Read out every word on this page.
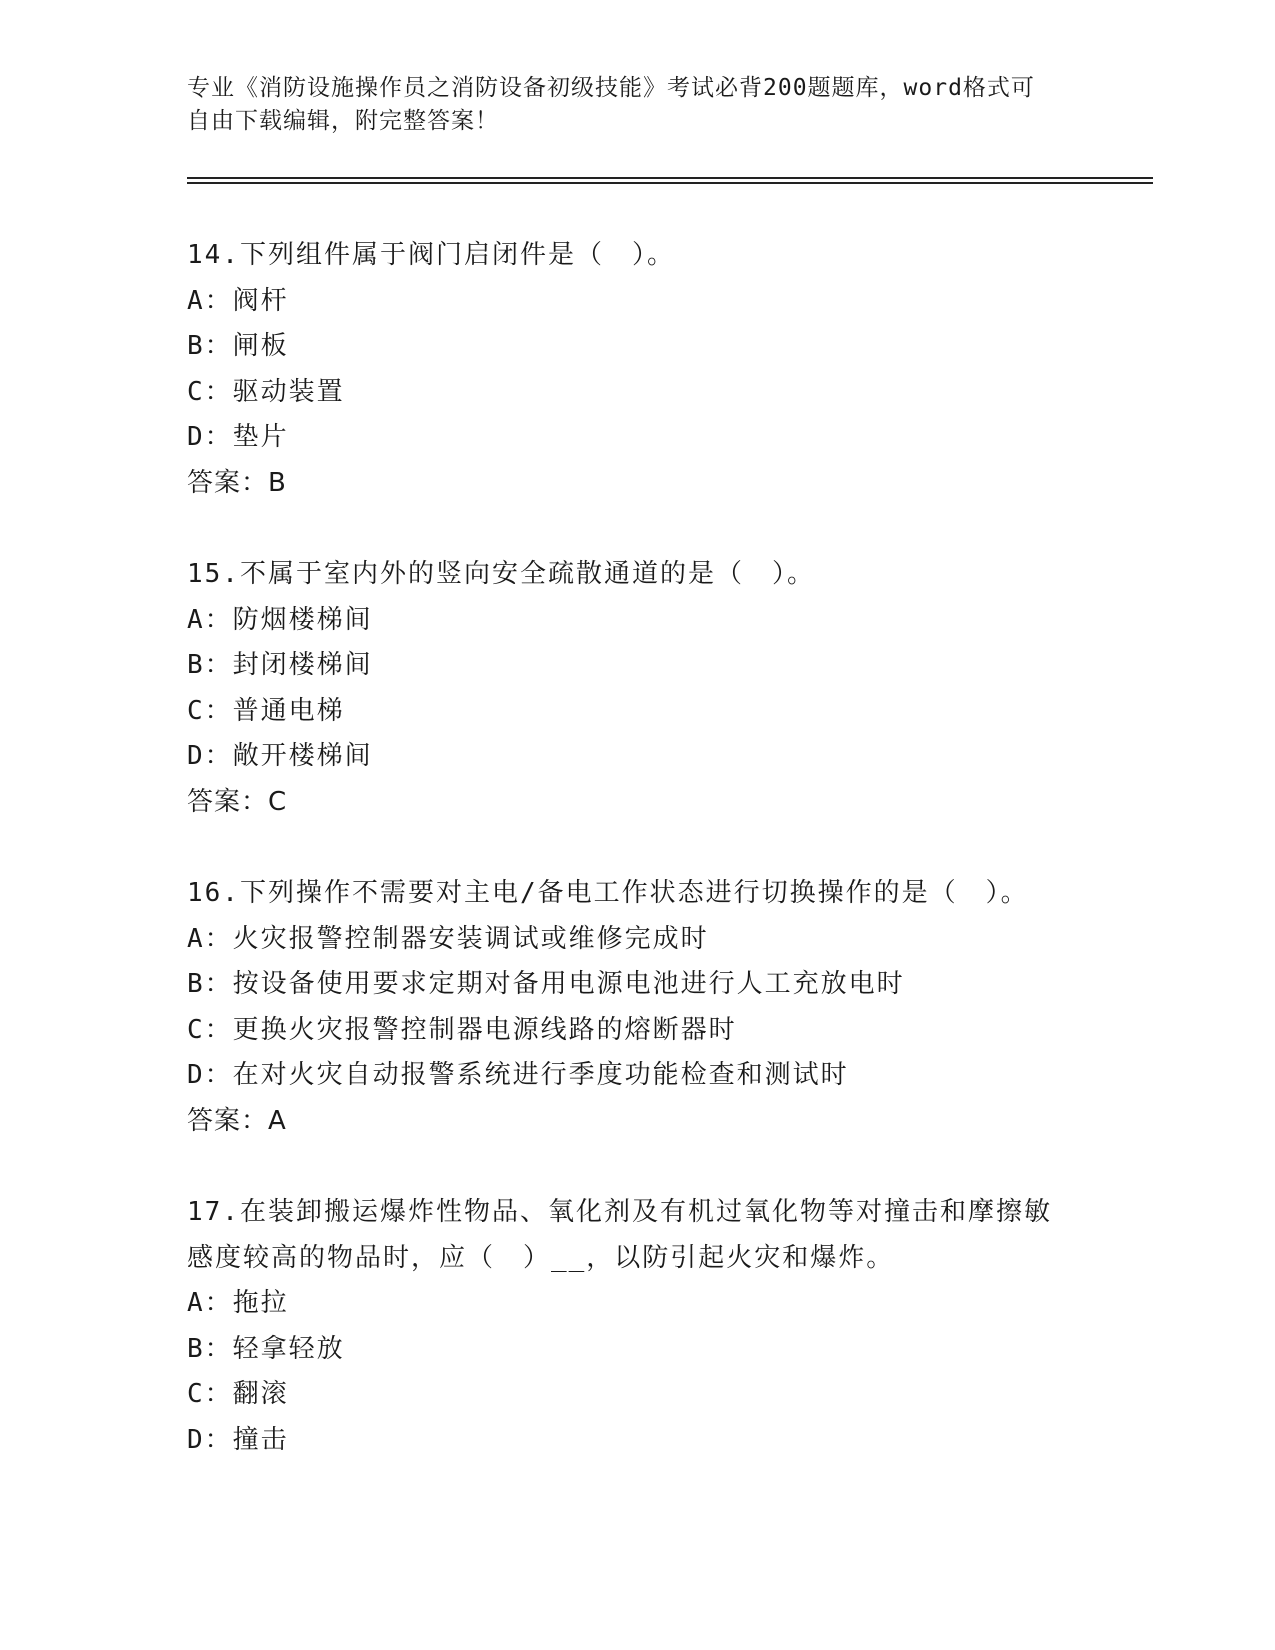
专业《消防设施操作员之消防设备初级技能》考试必背200题题库，word格式可
自由下载编辑，附完整答案！
14.下列组件属于阀门启闭件是（　）。
A：阀杆
B：闸板
C：驱动装置
D：垫片
答案：B
15.不属于室内外的竖向安全疏散通道的是（　）。
A：防烟楼梯间
B：封闭楼梯间
C：普通电梯
D：敞开楼梯间
答案：C
16.下列操作不需要对主电/备电工作状态进行切换操作的是（　）。
A：火灾报警控制器安装调试或维修完成时
B：按设备使用要求定期对备用电源电池进行人工充放电时
C：更换火灾报警控制器电源线路的熔断器时
D：在对火灾自动报警系统进行季度功能检查和测试时
答案：A
17.在装卸搬运爆炸性物品、氧化剂及有机过氧化物等对撞击和摩擦敏
感度较高的物品时，应（　）__，以防引起火灾和爆炸。
A：拖拉
B：轻拿轻放
C：翻滚
D：撞击
